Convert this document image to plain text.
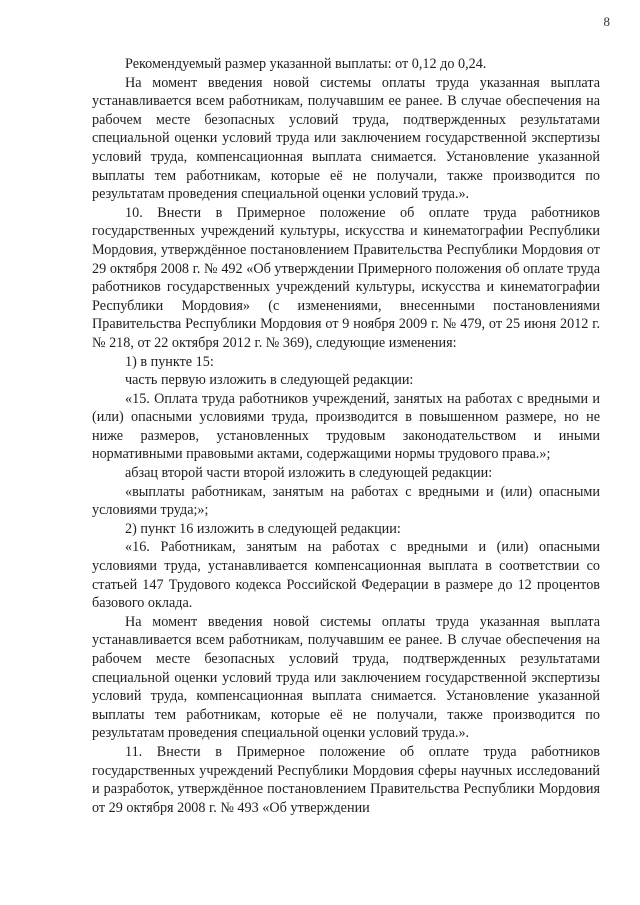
8

Рекомендуемый размер указанной выплаты: от 0,12 до 0,24.

На момент введения новой системы оплаты труда указанная выплата устанавливается всем работникам, получавшим ее ранее. В случае обеспечения на рабочем месте безопасных условий труда, подтвержденных результатами специальной оценки условий труда или заключением государственной экспертизы условий труда, компенсационная выплата снимается. Установление указанной выплаты тем работникам, которые её не получали, также производится по результатам проведения специальной оценки условий труда.».

10. Внести в Примерное положение об оплате труда работников государственных учреждений культуры, искусства и кинематографии Республики Мордовия, утверждённое постановлением Правительства Республики Мордовия от 29 октября 2008 г. № 492 «Об утверждении Примерного положения об оплате труда работников государственных учреждений культуры, искусства и кинематографии Республики Мордовия» (с изменениями, внесенными постановлениями Правительства Республики Мордовия от 9 ноября 2009 г. № 479, от 25 июня 2012 г. № 218, от 22 октября 2012 г. № 369), следующие изменения:

1) в пункте 15:

часть первую изложить в следующей редакции:

«15. Оплата труда работников учреждений, занятых на работах с вредными и (или) опасными условиями труда, производится в повышенном размере, но не ниже размеров, установленных трудовым законодательством и иными нормативными правовыми актами, содержащими нормы трудового права.»;

абзац второй части второй изложить в следующей редакции:

«выплаты работникам, занятым на работах с вредными и (или) опасными условиями труда;»;

2) пункт 16 изложить в следующей редакции:

«16. Работникам, занятым на работах с вредными и (или) опасными условиями труда, устанавливается компенсационная выплата в соответствии со статьей 147 Трудового кодекса Российской Федерации в размере до 12 процентов базового оклада.

На момент введения новой системы оплаты труда указанная выплата устанавливается всем работникам, получавшим ее ранее. В случае обеспечения на рабочем месте безопасных условий труда, подтвержденных результатами специальной оценки условий труда или заключением государственной экспертизы условий труда, компенсационная выплата снимается. Установление указанной выплаты тем работникам, которые её не получали, также производится по результатам проведения специальной оценки условий труда.».

11. Внести в Примерное положение об оплате труда работников государственных учреждений Республики Мордовия сферы научных исследований и разработок, утверждённое постановлением Правительства Республики Мордовия от 29 октября 2008 г. № 493 «Об утверждении
